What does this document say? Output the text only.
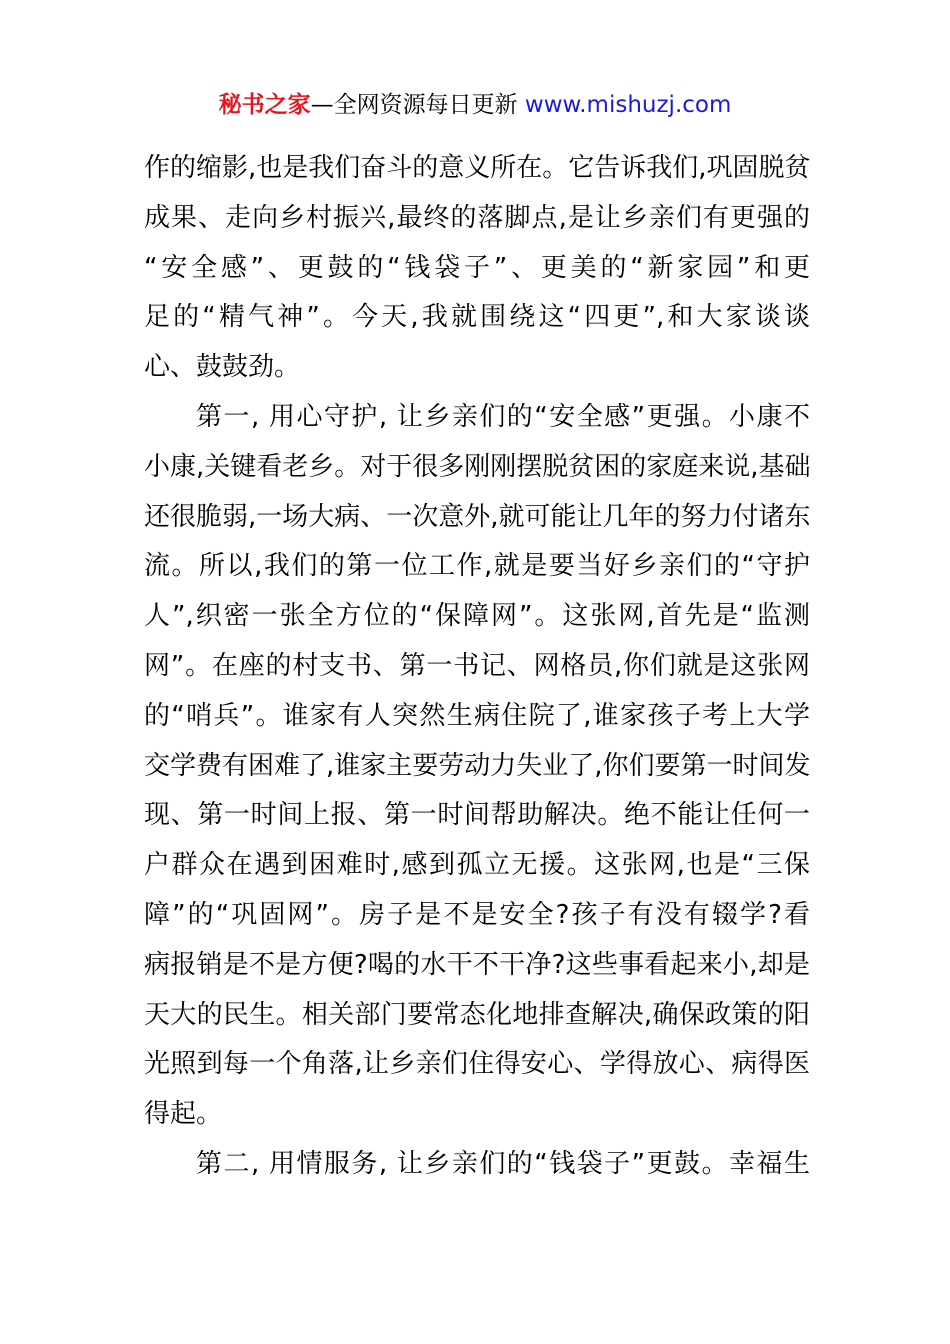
秘书之家—全网资源每日更新 www.mishuzj.com
作的缩影,也是我们奋斗的意义所在。它告诉我们,巩固脱贫
成果、走向乡村振兴,最终的落脚点,是让乡亲们有更强的
“安全感”、更鼓的“钱袋子”、更美的“新家园”和更
足的“精气神”。今天,我就围绕这“四更”,和大家谈谈
心、鼓鼓劲。
第一, 用心守护, 让乡亲们的“安全感”更强。小康不
小康,关键看老乡。对于很多刚刚摆脱贫困的家庭来说,基础
还很脆弱,一场大病、一次意外,就可能让几年的努力付诸东
流。所以,我们的第一位工作,就是要当好乡亲们的“守护
人”,织密一张全方位的“保障网”。这张网,首先是“监测
网”。在座的村支书、第一书记、网格员,你们就是这张网
的“哨兵”。谁家有人突然生病住院了,谁家孩子考上大学
交学费有困难了,谁家主要劳动力失业了,你们要第一时间发
现、第一时间上报、第一时间帮助解决。绝不能让任何一
户群众在遇到困难时,感到孤立无援。这张网,也是“三保
障”的“巩固网”。房子是不是安全?孩子有没有辍学?看
病报销是不是方便?喝的水干不干净?这些事看起来小,却是
天大的民生。相关部门要常态化地排查解决,确保政策的阳
光照到每一个角落,让乡亲们住得安心、学得放心、病得医
得起。
第二, 用情服务, 让乡亲们的“钱袋子”更鼓。幸福生
